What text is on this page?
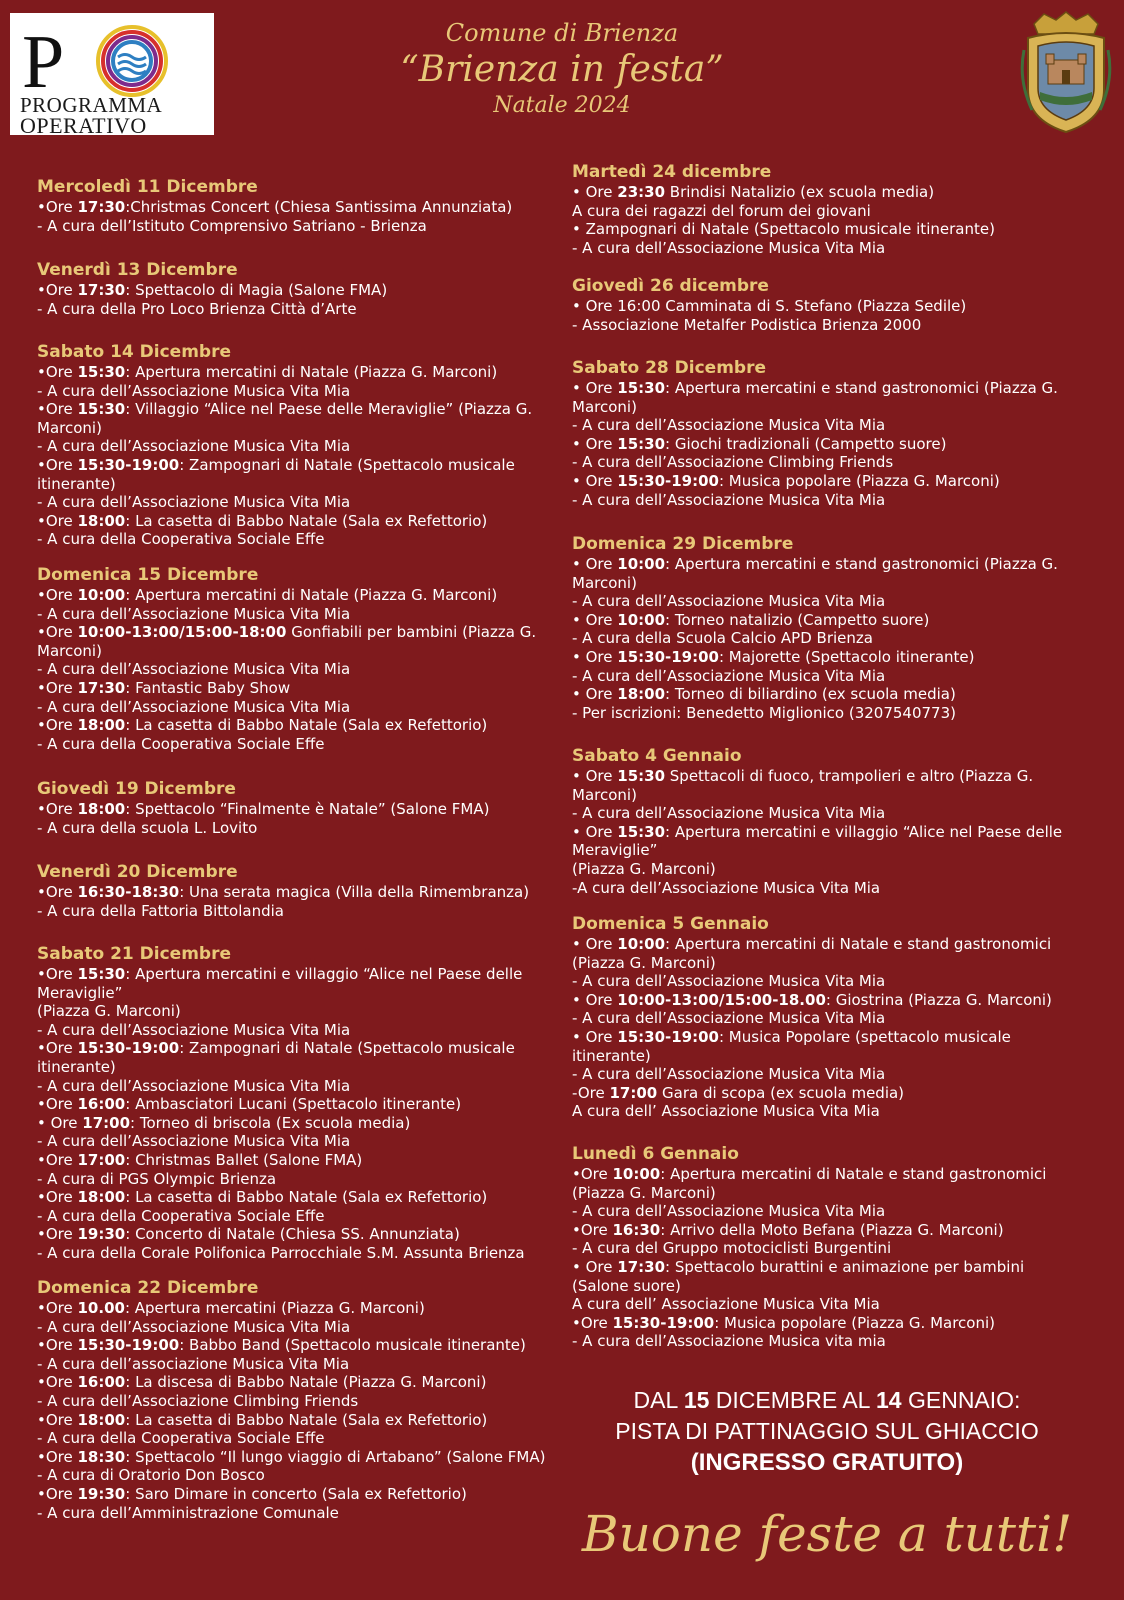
P
PROGRAMMA
OPERATIVO
Comune di Brienza
“Brienza in festa”
Natale 2024
Mercoledì 11 Dicembre
•Ore 17:30:Christmas Concert (Chiesa Santissima Annunziata)
- A cura dell’Istituto Comprensivo Satriano - Brienza
Venerdì 13 Dicembre
•Ore 17:30: Spettacolo di Magia (Salone FMA)
- A cura della Pro Loco Brienza Città d’Arte
Sabato 14 Dicembre
•Ore 15:30: Apertura mercatini di Natale (Piazza G. Marconi)
- A cura dell’Associazione Musica Vita Mia
•Ore 15:30: Villaggio “Alice nel Paese delle Meraviglie” (Piazza G.
Marconi)
- A cura dell’Associazione Musica Vita Mia
•Ore 15:30-19:00: Zampognari di Natale (Spettacolo musicale
itinerante)
- A cura dell’Associazione Musica Vita Mia
•Ore 18:00: La casetta di Babbo Natale (Sala ex Refettorio)
- A cura della Cooperativa Sociale Effe
Domenica 15 Dicembre
•Ore 10:00: Apertura mercatini di Natale (Piazza G. Marconi)
- A cura dell’Associazione Musica Vita Mia
•Ore 10:00-13:00/15:00-18:00 Gonfiabili per bambini (Piazza G.
Marconi)
- A cura dell’Associazione Musica Vita Mia
•Ore 17:30: Fantastic Baby Show
- A cura dell’Associazione Musica Vita Mia
•Ore 18:00: La casetta di Babbo Natale (Sala ex Refettorio)
- A cura della Cooperativa Sociale Effe
Giovedì 19 Dicembre
•Ore 18:00: Spettacolo “Finalmente è Natale” (Salone FMA)
- A cura della scuola L. Lovito
Venerdì 20 Dicembre
•Ore 16:30-18:30: Una serata magica (Villa della Rimembranza)
- A cura della Fattoria Bittolandia
Sabato 21 Dicembre
•Ore 15:30: Apertura mercatini e villaggio “Alice nel Paese delle
Meraviglie”
(Piazza G. Marconi)
- A cura dell’Associazione Musica Vita Mia
•Ore 15:30-19:00: Zampognari di Natale (Spettacolo musicale
itinerante)
- A cura dell’Associazione Musica Vita Mia
•Ore 16:00: Ambasciatori Lucani (Spettacolo itinerante)
• Ore 17:00: Torneo di briscola (Ex scuola media)
- A cura dell’Associazione Musica Vita Mia
•Ore 17:00: Christmas Ballet (Salone FMA)
- A cura di PGS Olympic Brienza
•Ore 18:00: La casetta di Babbo Natale (Sala ex Refettorio)
- A cura della Cooperativa Sociale Effe
•Ore 19:30: Concerto di Natale (Chiesa SS. Annunziata)
- A cura della Corale Polifonica Parrocchiale S.M. Assunta Brienza
Domenica 22 Dicembre
•Ore 10.00: Apertura mercatini (Piazza G. Marconi)
- A cura dell’Associazione Musica Vita Mia
•Ore 15:30-19:00: Babbo Band (Spettacolo musicale itinerante)
- A cura dell’associazione Musica Vita Mia
•Ore 16:00: La discesa di Babbo Natale (Piazza G. Marconi)
- A cura dell’Associazione Climbing Friends
•Ore 18:00: La casetta di Babbo Natale (Sala ex Refettorio)
- A cura della Cooperativa Sociale Effe
•Ore 18:30: Spettacolo “Il lungo viaggio di Artabano” (Salone FMA)
- A cura di Oratorio Don Bosco
•Ore 19:30: Saro Dimare in concerto (Sala ex Refettorio)
- A cura dell’Amministrazione Comunale
Martedì 24 dicembre
• Ore 23:30 Brindisi Natalizio (ex scuola media)
A cura dei ragazzi del forum dei giovani
• Zampognari di Natale (Spettacolo musicale itinerante)
- A cura dell’Associazione Musica Vita Mia
Giovedì 26 dicembre
• Ore 16:00 Camminata di S. Stefano (Piazza Sedile)
- Associazione Metalfer Podistica Brienza 2000
Sabato 28 Dicembre
• Ore 15:30: Apertura mercatini e stand gastronomici (Piazza G.
Marconi)
- A cura dell’Associazione Musica Vita Mia
• Ore 15:30: Giochi tradizionali (Campetto suore)
- A cura dell’Associazione Climbing Friends
• Ore 15:30-19:00: Musica popolare (Piazza G. Marconi)
- A cura dell’Associazione Musica Vita Mia
Domenica 29 Dicembre
• Ore 10:00: Apertura mercatini e stand gastronomici (Piazza G.
Marconi)
- A cura dell’Associazione Musica Vita Mia
• Ore 10:00: Torneo natalizio (Campetto suore)
- A cura della Scuola Calcio APD Brienza
• Ore 15:30-19:00: Majorette (Spettacolo itinerante)
- A cura dell’Associazione Musica Vita Mia
• Ore 18:00: Torneo di biliardino (ex scuola media)
- Per iscrizioni: Benedetto Miglionico (3207540773)
Sabato 4 Gennaio
• Ore 15:30 Spettacoli di fuoco, trampolieri e altro (Piazza G.
Marconi)
- A cura dell’Associazione Musica Vita Mia
• Ore 15:30: Apertura mercatini e villaggio “Alice nel Paese delle
Meraviglie”
(Piazza G. Marconi)
-A cura dell’Associazione Musica Vita Mia
Domenica 5 Gennaio
• Ore 10:00: Apertura mercatini di Natale e stand gastronomici
(Piazza G. Marconi)
- A cura dell’Associazione Musica Vita Mia
• Ore 10:00-13:00/15:00-18.00: Giostrina (Piazza G. Marconi)
- A cura dell’Associazione Musica Vita Mia
• Ore 15:30-19:00: Musica Popolare (spettacolo musicale
itinerante)
- A cura dell’Associazione Musica Vita Mia
-Ore 17:00 Gara di scopa (ex scuola media)
A cura dell’ Associazione Musica Vita Mia
Lunedì 6 Gennaio
•Ore 10:00: Apertura mercatini di Natale e stand gastronomici
(Piazza G. Marconi)
- A cura dell’Associazione Musica Vita Mia
•Ore 16:30: Arrivo della Moto Befana (Piazza G. Marconi)
- A cura del Gruppo motociclisti Burgentini
• Ore 17:30: Spettacolo burattini e animazione per bambini
(Salone suore)
A cura dell’ Associazione Musica Vita Mia
•Ore 15:30-19:00: Musica popolare (Piazza G. Marconi)
- A cura dell’Associazione Musica vita mia
DAL 15 DICEMBRE AL 14 GENNAIO:
PISTA DI PATTINAGGIO SUL GHIACCIO
(INGRESSO GRATUITO)
Buone feste a tutti!
